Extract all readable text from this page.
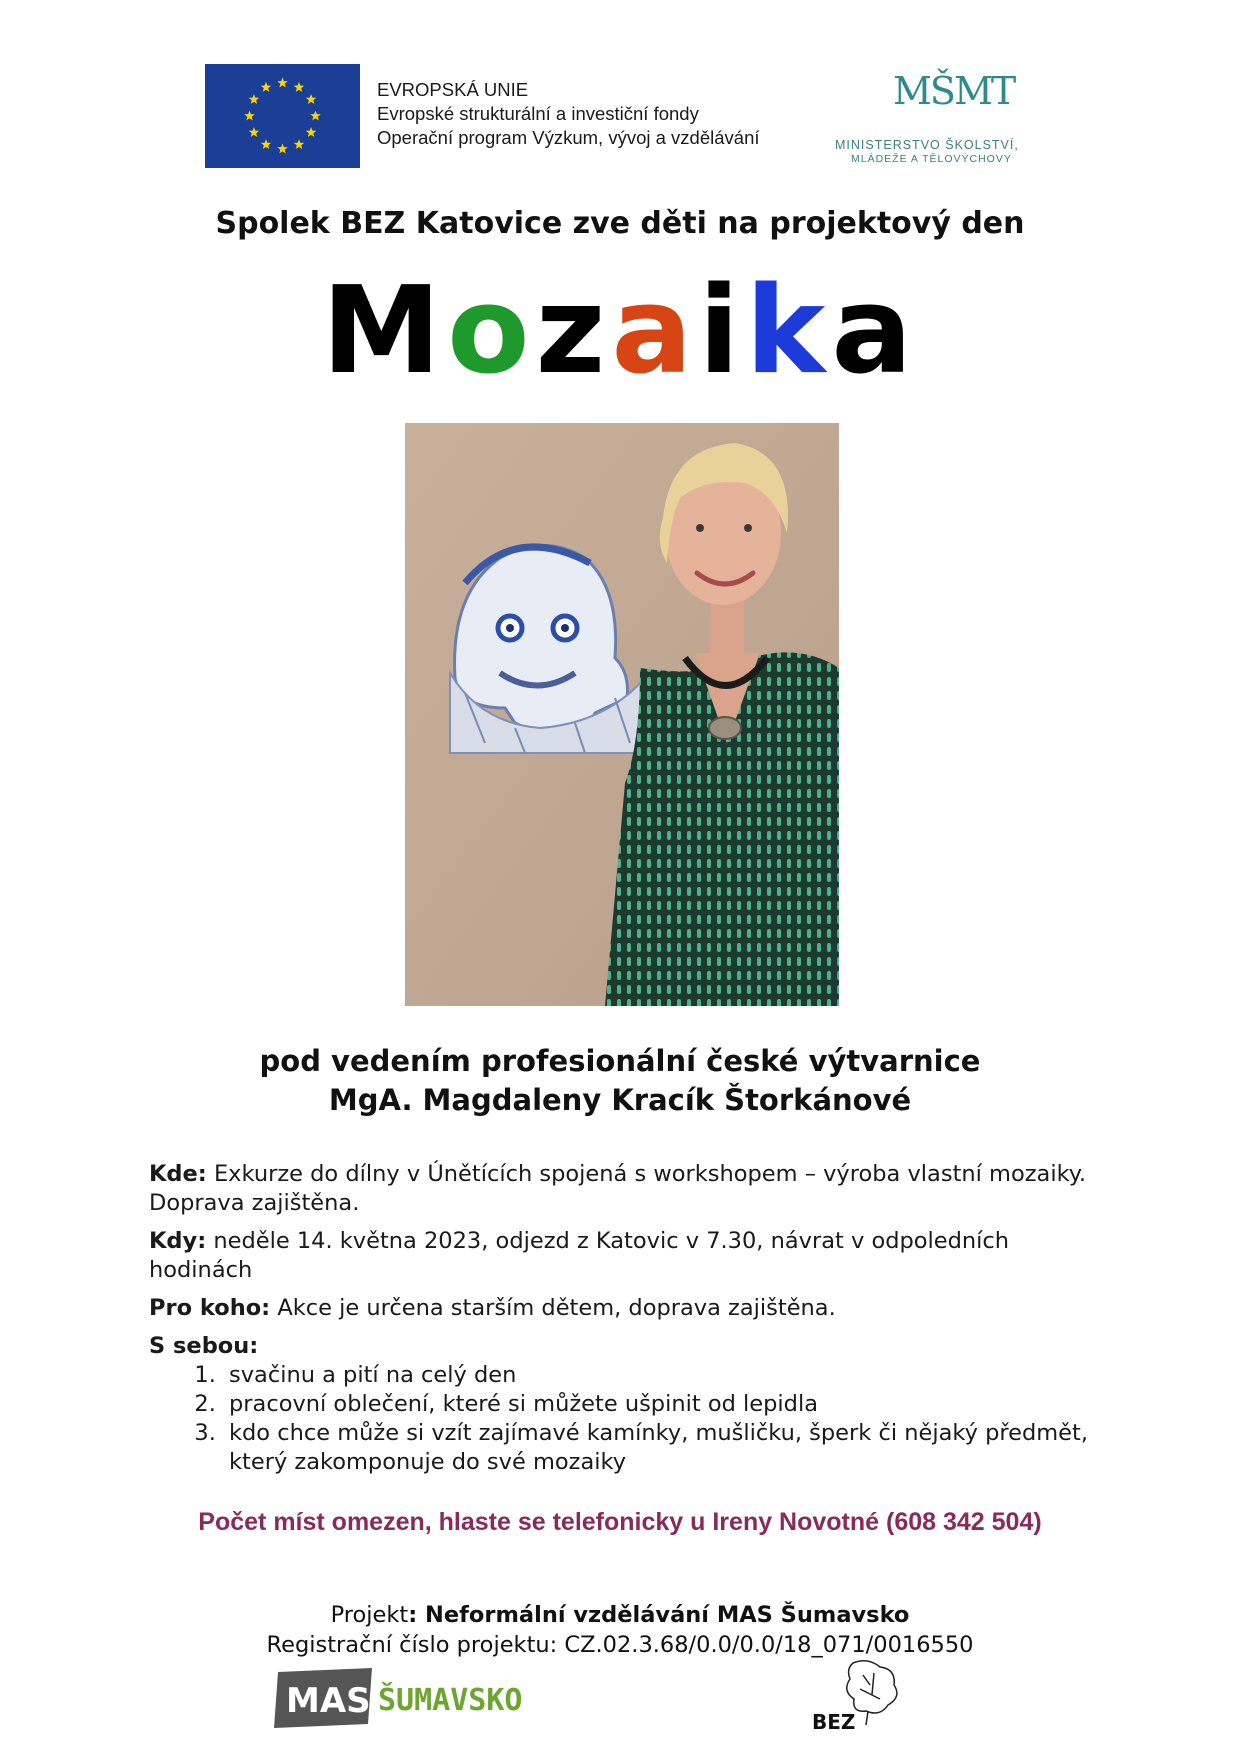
EVROPSKÁ UNIE
Evropské strukturální a investiční fondy
Operační program Výzkum, vývoj a vzdělávání
MŠMT
MINISTERSTVO ŠKOLSTVÍ,
MLÁDEŽE A TĚLOVÝCHOVY
Spolek BEZ Katovice zve děti na projektový den
Mozaika
pod vedením profesionální české výtvarnice
MgA. Magdaleny Kracík Štorkánové

Kde: Exkurze do dílny v Únětících spojená s workshopem – výroba vlastní mozaiky. Doprava zajištěna.

Kdy: neděle 14. května 2023, odjezd z Katovic v 7.30, návrat v odpoledních hodinách

Pro koho: Akce je určena starším dětem, doprava zajištěna.

S sebou:

1. svačinu a pití na celý den
2. pracovní oblečení, které si můžete ušpinit od lepidla
3. kdo chce může si vzít zajímavé kamínky, mušličku, šperk či nějaký předmět, který zakomponuje do své mozaiky
Počet míst omezen, hlaste se telefonicky u Ireny Novotné (608 342 504)
Projekt: Neformální vzdělávání MAS Šumavsko
Registrační číslo projektu: CZ.02.3.68/0.0/0.0/18_071/0016550
MAS ŠUMAVSKO
BEZ
